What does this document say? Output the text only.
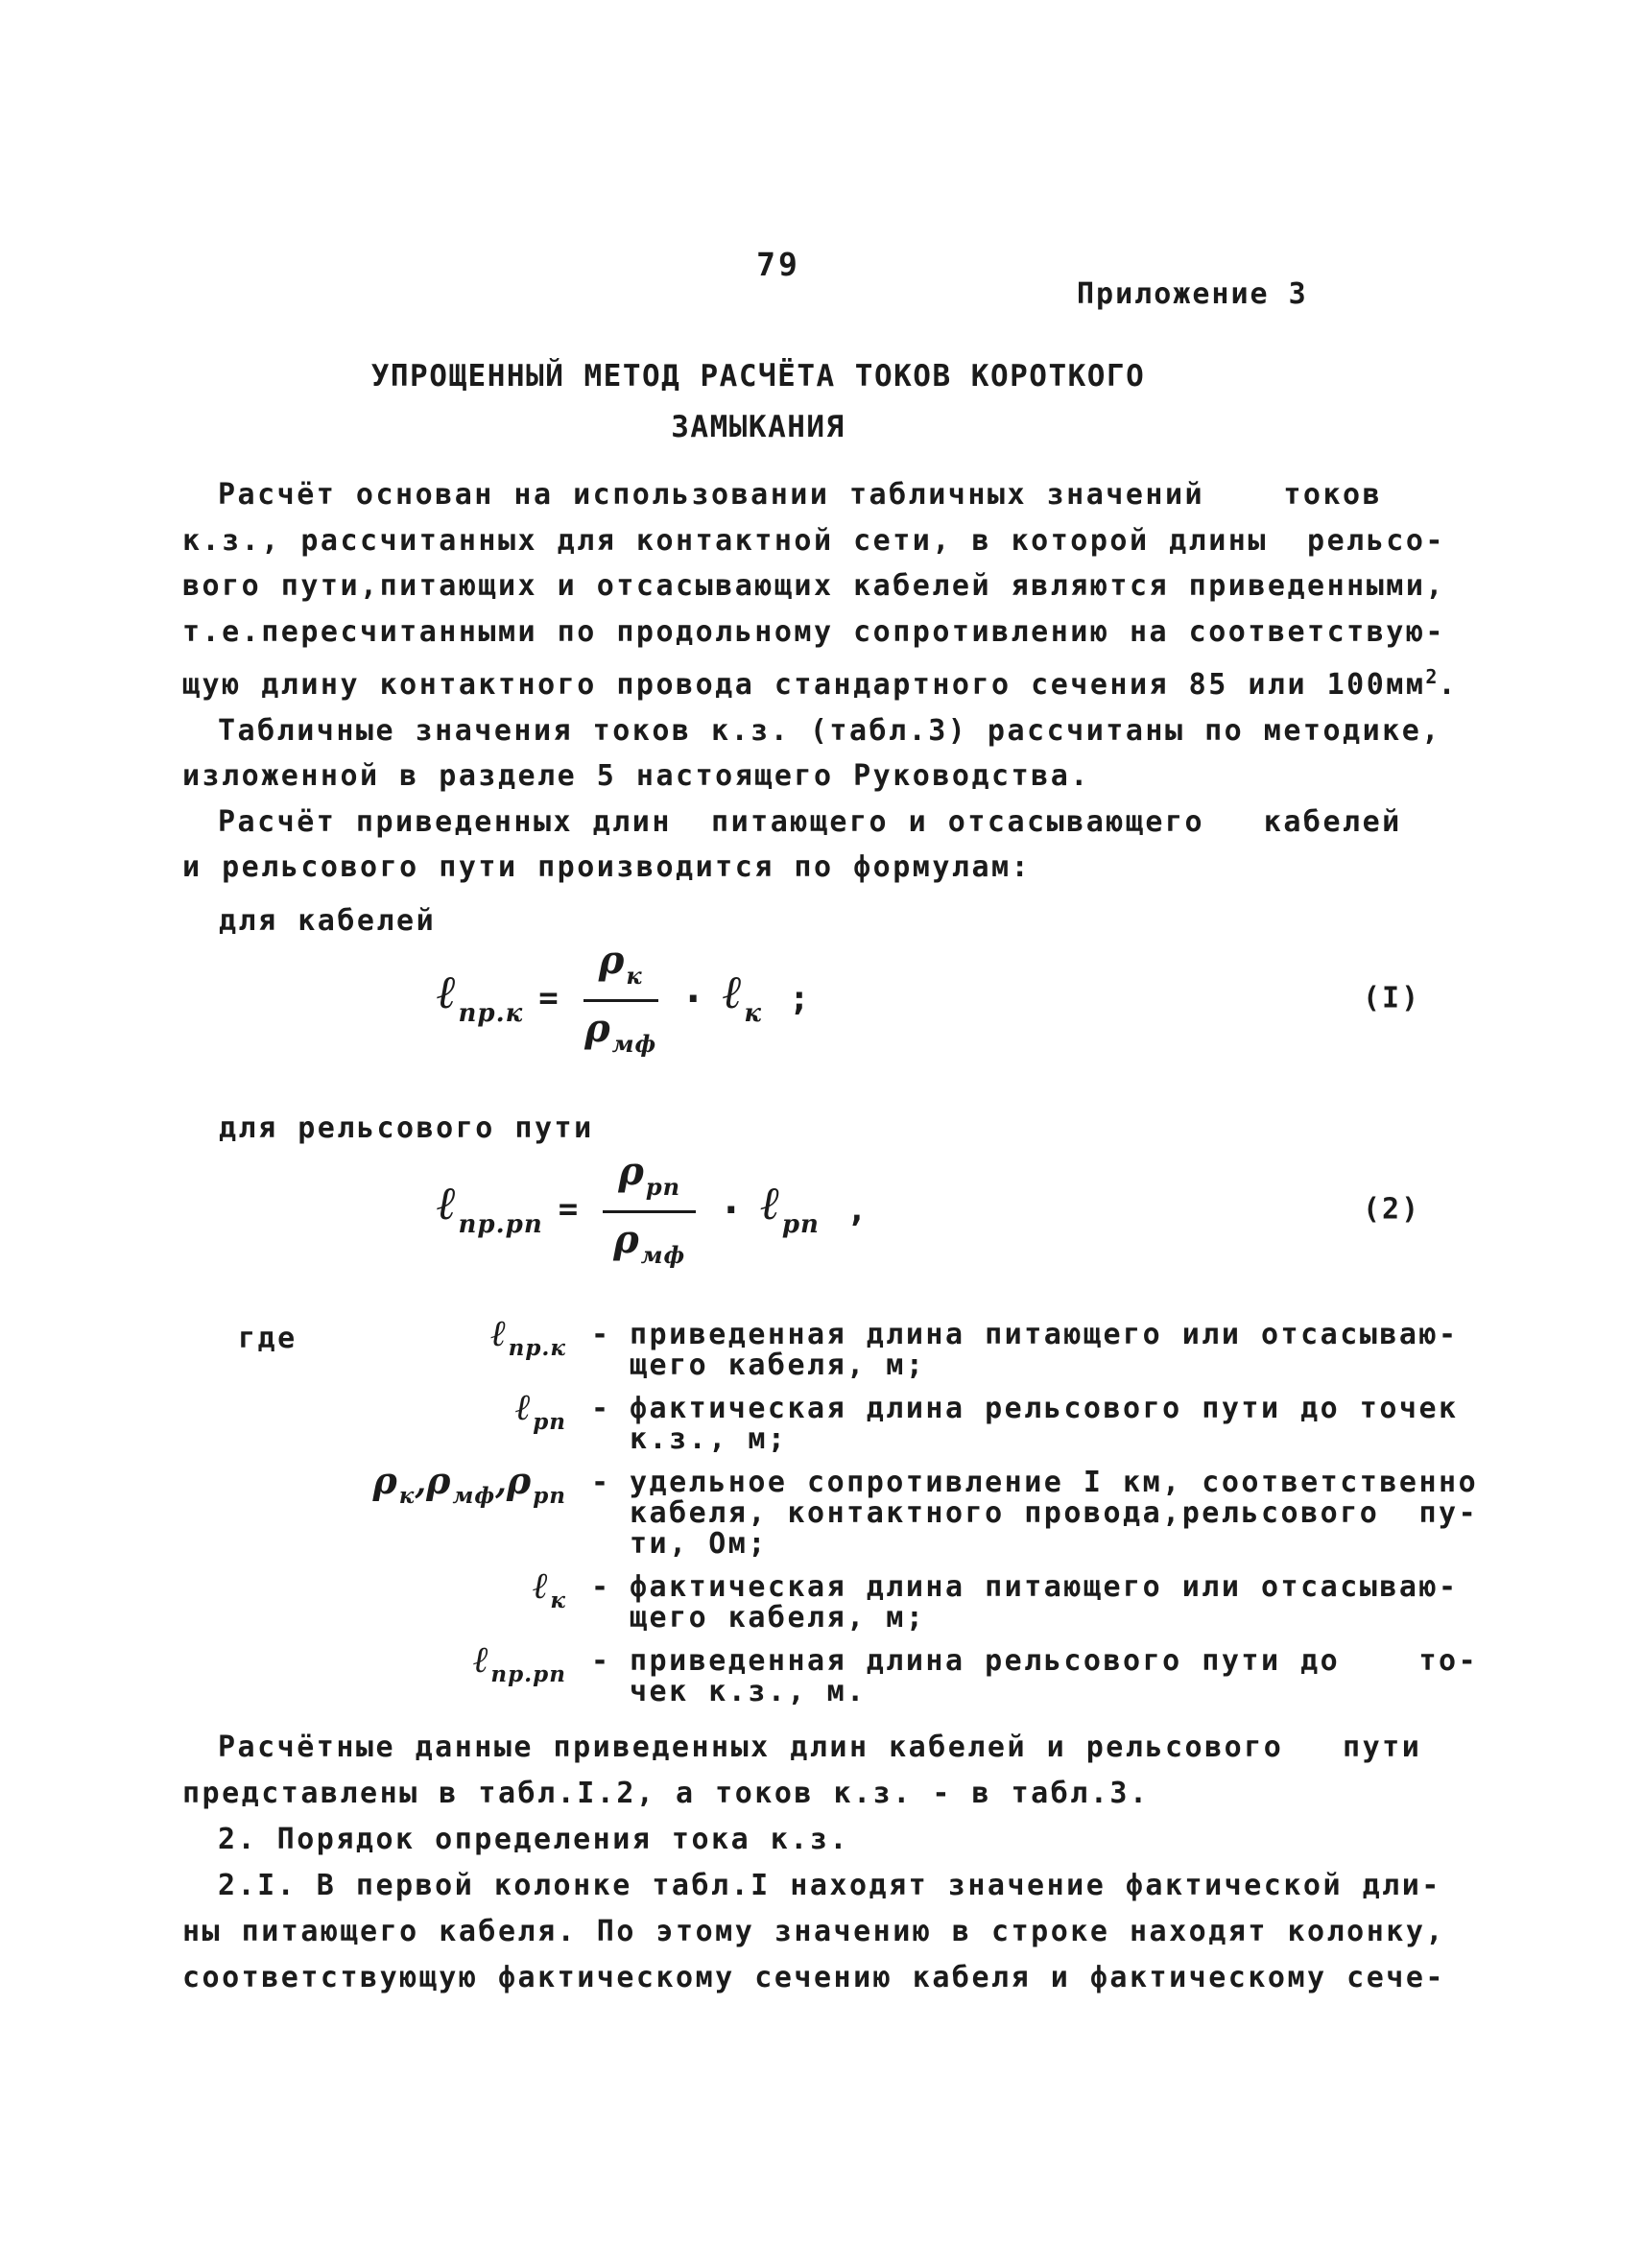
79
Приложение 3
УПРОЩЕННЫЙ МЕТОД РАСЧЁТА ТОКОВ КОРОТКОГО
ЗАМЫКАНИЯ
Расчёт основан на использовании табличных значений    токов
к.з., рассчитанных для контактной сети, в которой длины  рельсо-
вого пути,питающих и отсасывающих кабелей являются приведенными,
т.е.пересчитанными по продольному сопротивлению на соответствую-
щую длину контактного провода стандартного сечения 85 или $100мм^2$.
Табличные значения токов к.з. (табл.3) рассчитаны по методике,
изложенной в разделе 5 настоящего Руководства.
Расчёт приведенных длин  питающего и отсасывающего   кабелей
и рельсового пути производится по формулам:
для кабелей
ℓпр.к = $\frac{\rho к}{\text{ρмф}}$ · ℓк ;	(I)
для рельсового пути
ℓпр.рп = $\frac{\text{ρрп}}{\text{ρмф}}$ · ℓрп ,	(2)
где	ℓпр.к - приведенная длина питающего или отсасываю-
щего кабеля, м;
ℓрп - фактическая длина рельсового пути до точек
к.з., м;
ρк,ρмф,ρрп - удельное сопротивление I км, соответственно
кабеля, контактного провода,рельсового  пу-
ти, Ом;
ℓк - фактическая длина питающего или отсасываю-
щего кабеля, м;
ℓпр.рп - приведенная длина рельсового пути до    то-
чек к.з., м.
Расчётные данные приведенных длин кабелей и рельсового   пути
представлены в табл.I.2, а токов к.з. - в табл.3.
2. Порядок определения тока к.з.
2.I. В первой колонке табл.I находят значение фактической дли-
ны питающего кабеля. По этому значению в строке находят колонку,
соответствующую фактическому сечению кабеля и фактическому сече-
